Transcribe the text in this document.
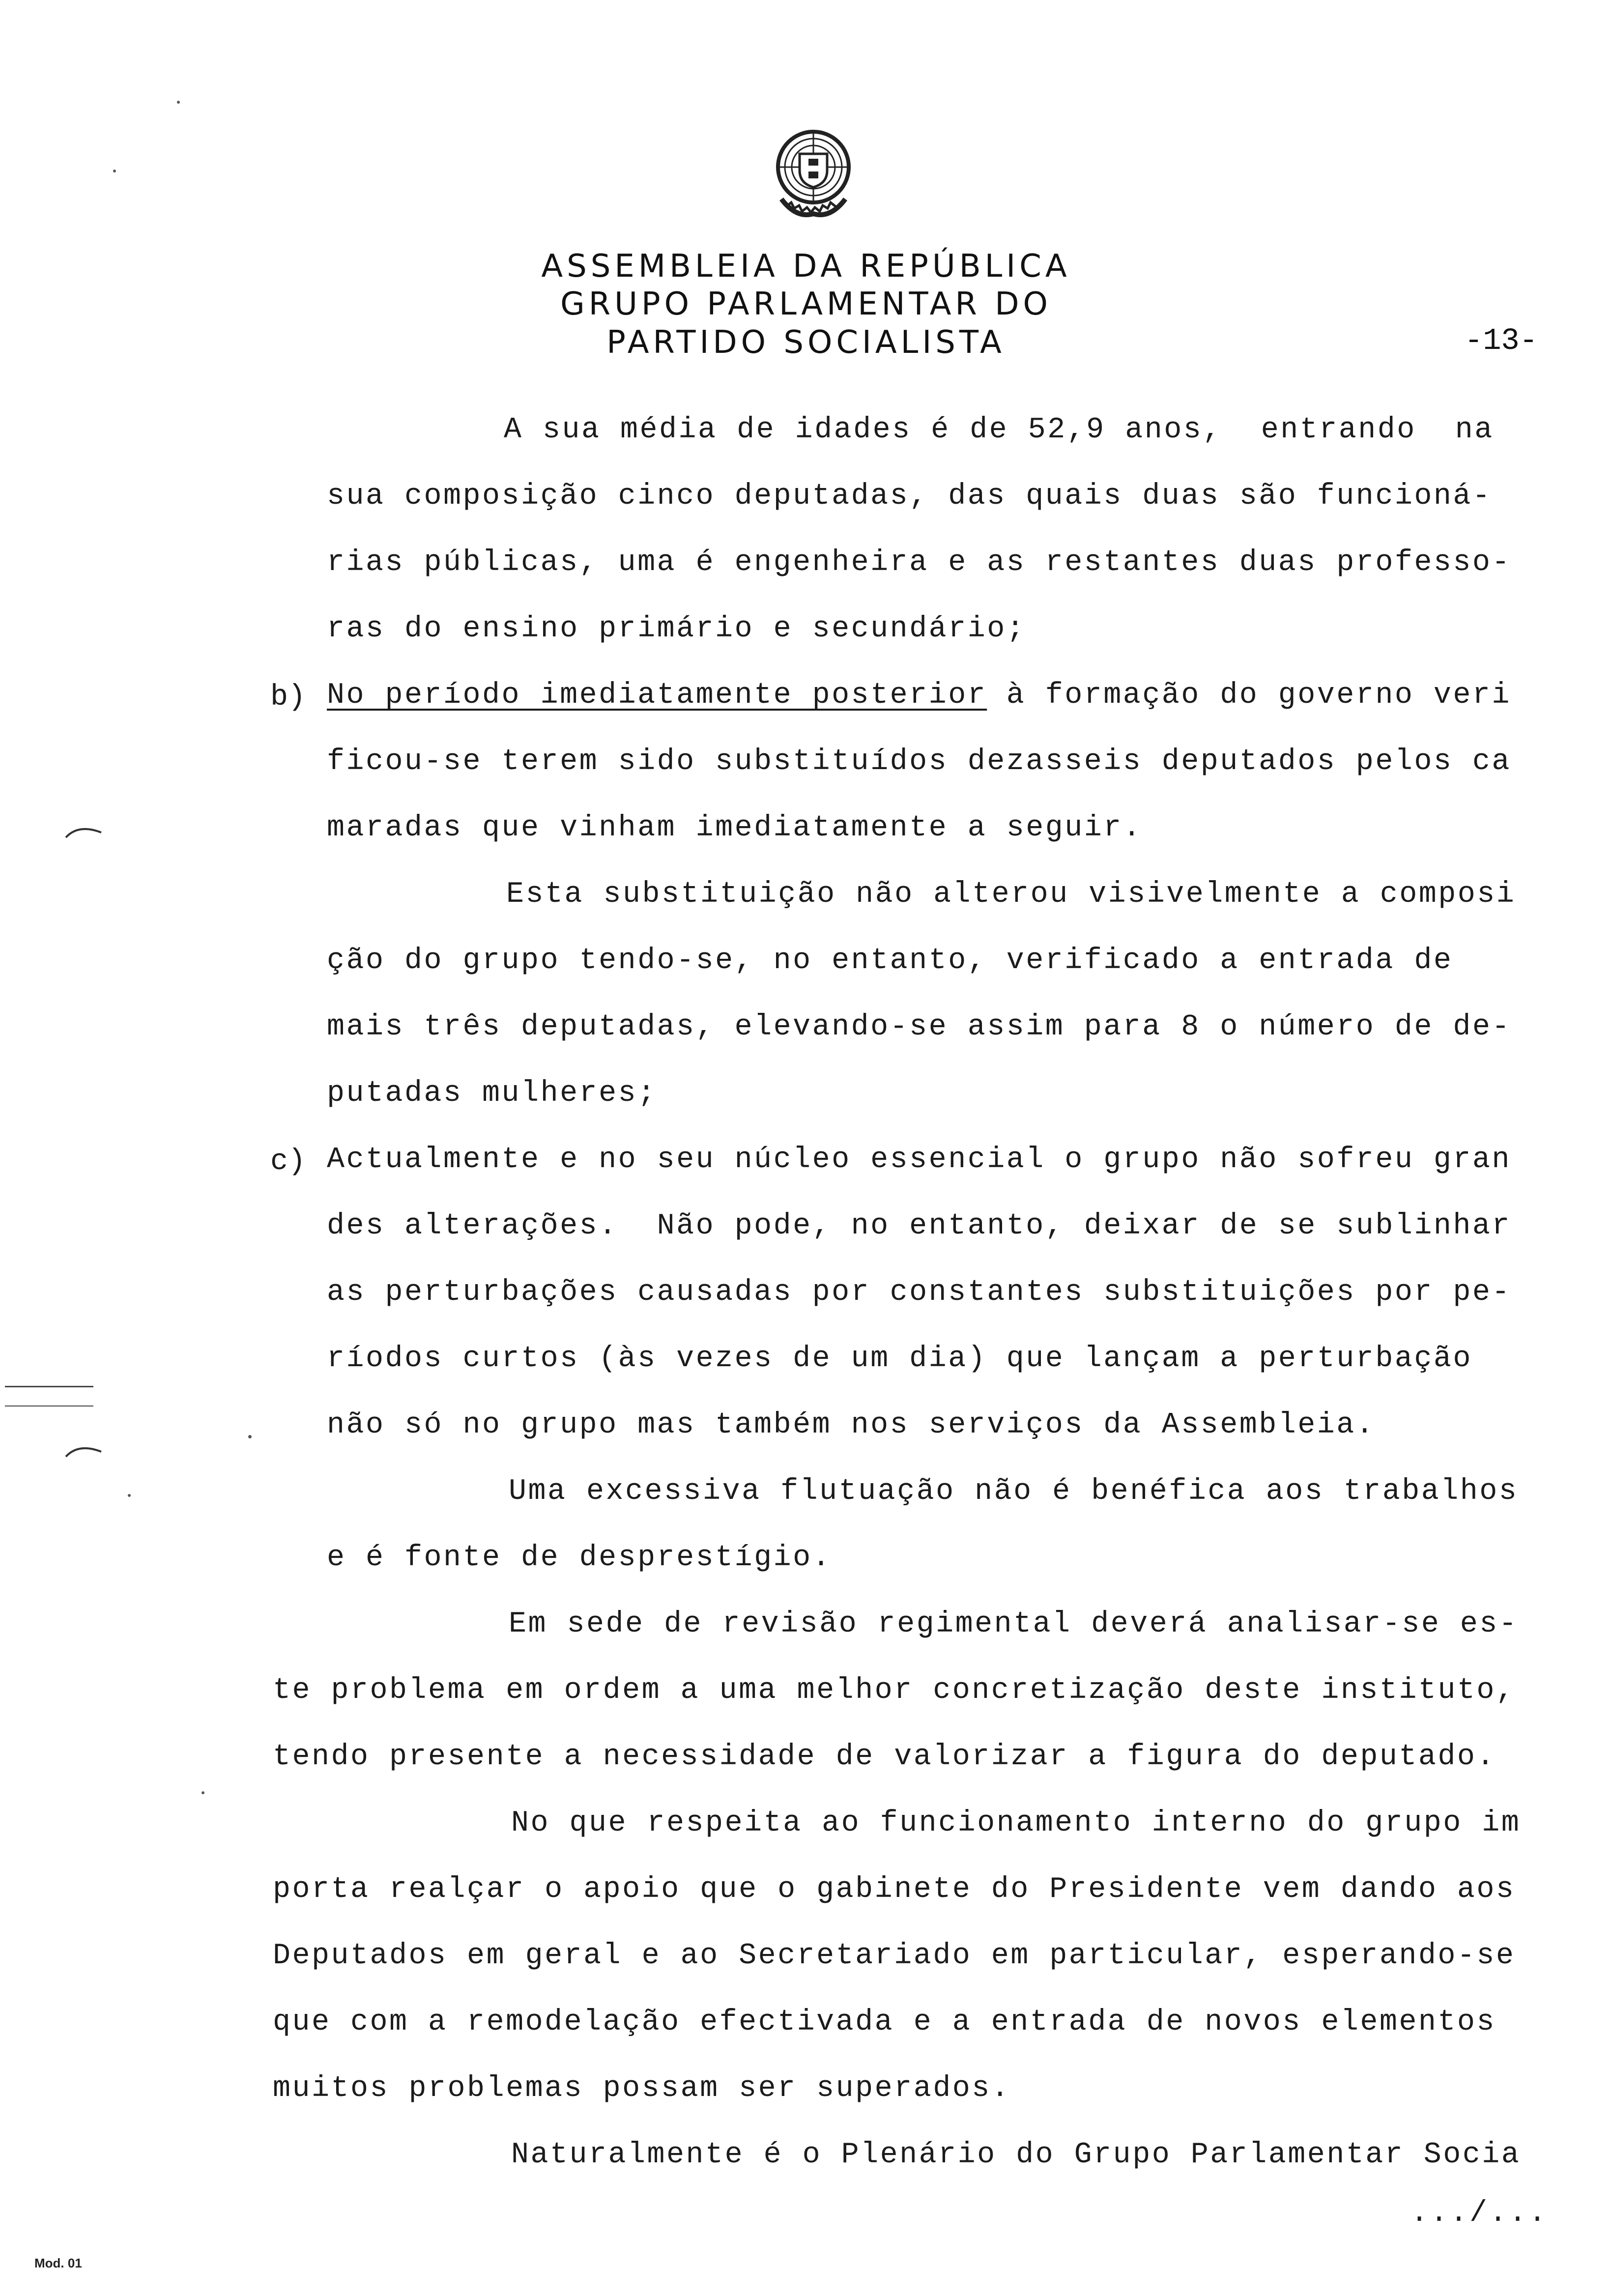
ASSEMBLEIA DA REPÚBLICA
GRUPO PARLAMENTAR DO
PARTIDO SOCIALISTA	-13-
A sua média de idades é de 52,9 anos,  entrando  na
sua composição cinco deputadas, das quais duas são funcioná-
rias públicas, uma é engenheira e as restantes duas professo-
ras do ensino primário e secundário;
b) No período imediatamente posterior à formação do governo veri
ficou-se terem sido substituídos dezasseis deputados pelos ca
maradas que vinham imediatamente a seguir.
Esta substituição não alterou visivelmente a composi
ção do grupo tendo-se, no entanto, verificado a entrada de
mais três deputadas, elevando-se assim para 8 o número de de-
putadas mulheres;
c) Actualmente e no seu núcleo essencial o grupo não sofreu gran
des alterações.  Não pode, no entanto, deixar de se sublinhar
as perturbações causadas por constantes substituições por pe-
ríodos curtos (às vezes de um dia) que lançam a perturbação
não só no grupo mas também nos serviços da Assembleia.
Uma excessiva flutuação não é benéfica aos trabalhos
e é fonte de desprestígio.
Em sede de revisão regimental deverá analisar-se es-
te problema em ordem a uma melhor concretização deste instituto,
tendo presente a necessidade de valorizar a figura do deputado.
No que respeita ao funcionamento interno do grupo im
porta realçar o apoio que o gabinete do Presidente vem dando aos
Deputados em geral e ao Secretariado em particular, esperando-se
que com a remodelação efectivada e a entrada de novos elementos
muitos problemas possam ser superados.
Naturalmente é o Plenário do Grupo Parlamentar Socia
.../...
Mod. 01
